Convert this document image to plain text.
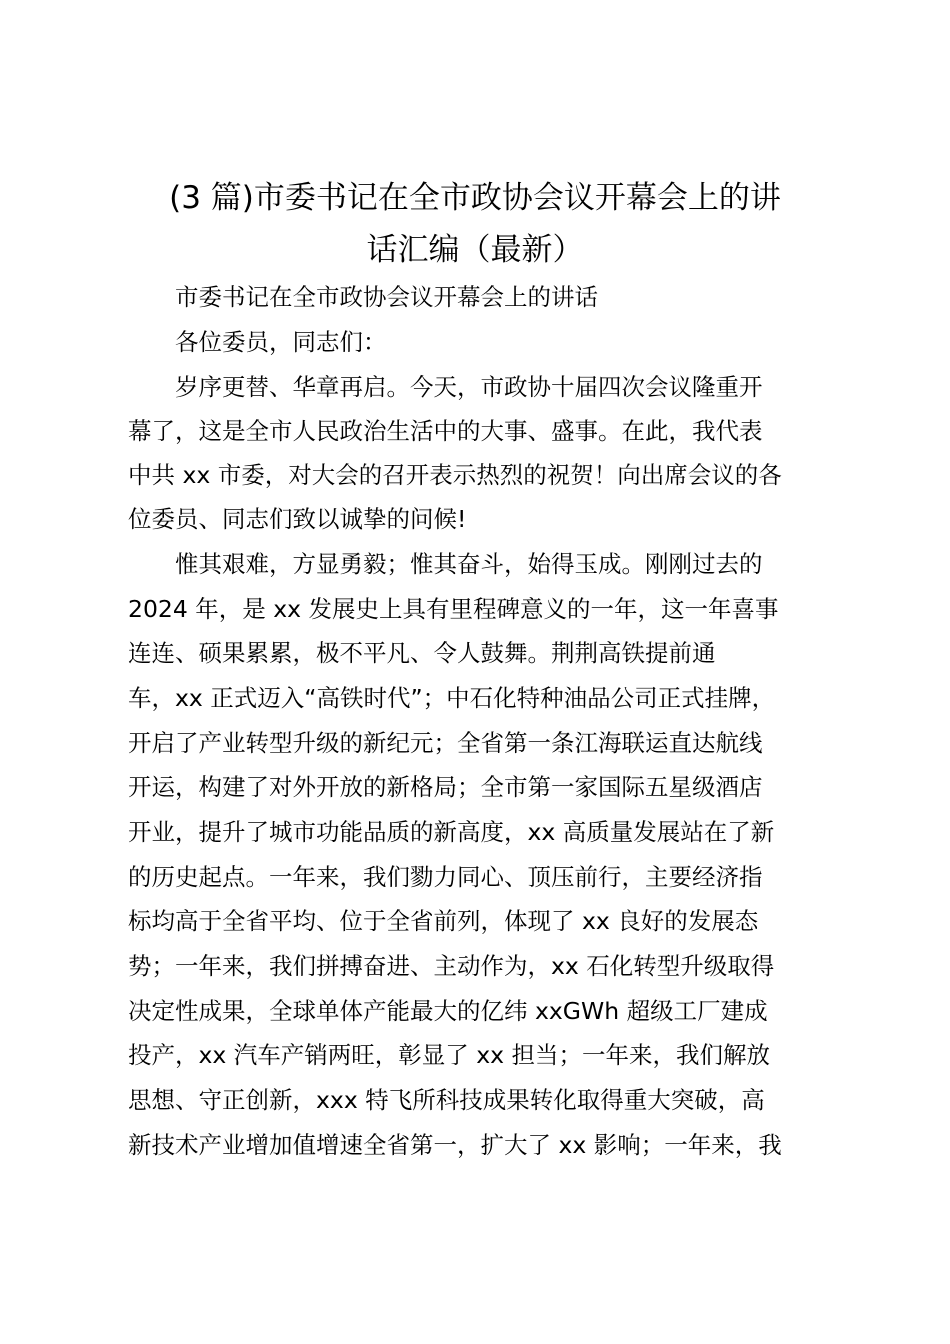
(3 篇)市委书记在全市政协会议开幕会上的讲
话汇编（最新）

　　市委书记在全市政协会议开幕会上的讲话

　　各位委员，同志们：

　　岁序更替、华章再启。今天，市政协十届四次会议隆重开

幕了，这是全市人民政治生活中的大事、盛事。在此，我代表

中共 xx 市委，对大会的召开表示热烈的祝贺！向出席会议的各

位委员、同志们致以诚挚的问候!

　　惟其艰难，方显勇毅；惟其奋斗，始得玉成。刚刚过去的

2024 年，是 xx 发展史上具有里程碑意义的一年，这一年喜事

连连、硕果累累，极不平凡、令人鼓舞。荆荆高铁提前通

车，xx 正式迈入“高铁时代”；中石化特种油品公司正式挂牌，

开启了产业转型升级的新纪元；全省第一条江海联运直达航线

开运，构建了对外开放的新格局；全市第一家国际五星级酒店

开业，提升了城市功能品质的新高度，xx 高质量发展站在了新

的历史起点。一年来，我们勠力同心、顶压前行，主要经济指

标均高于全省平均、位于全省前列，体现了 xx 良好的发展态

势；一年来，我们拼搏奋进、主动作为，xx 石化转型升级取得

决定性成果，全球单体产能最大的亿纬 xxGWh 超级工厂建成

投产，xx 汽车产销两旺，彰显了 xx 担当；一年来，我们解放

思想、守正创新，xxx 特飞所科技成果转化取得重大突破，高

新技术产业增加值增速全省第一，扩大了 xx 影响；一年来，我
